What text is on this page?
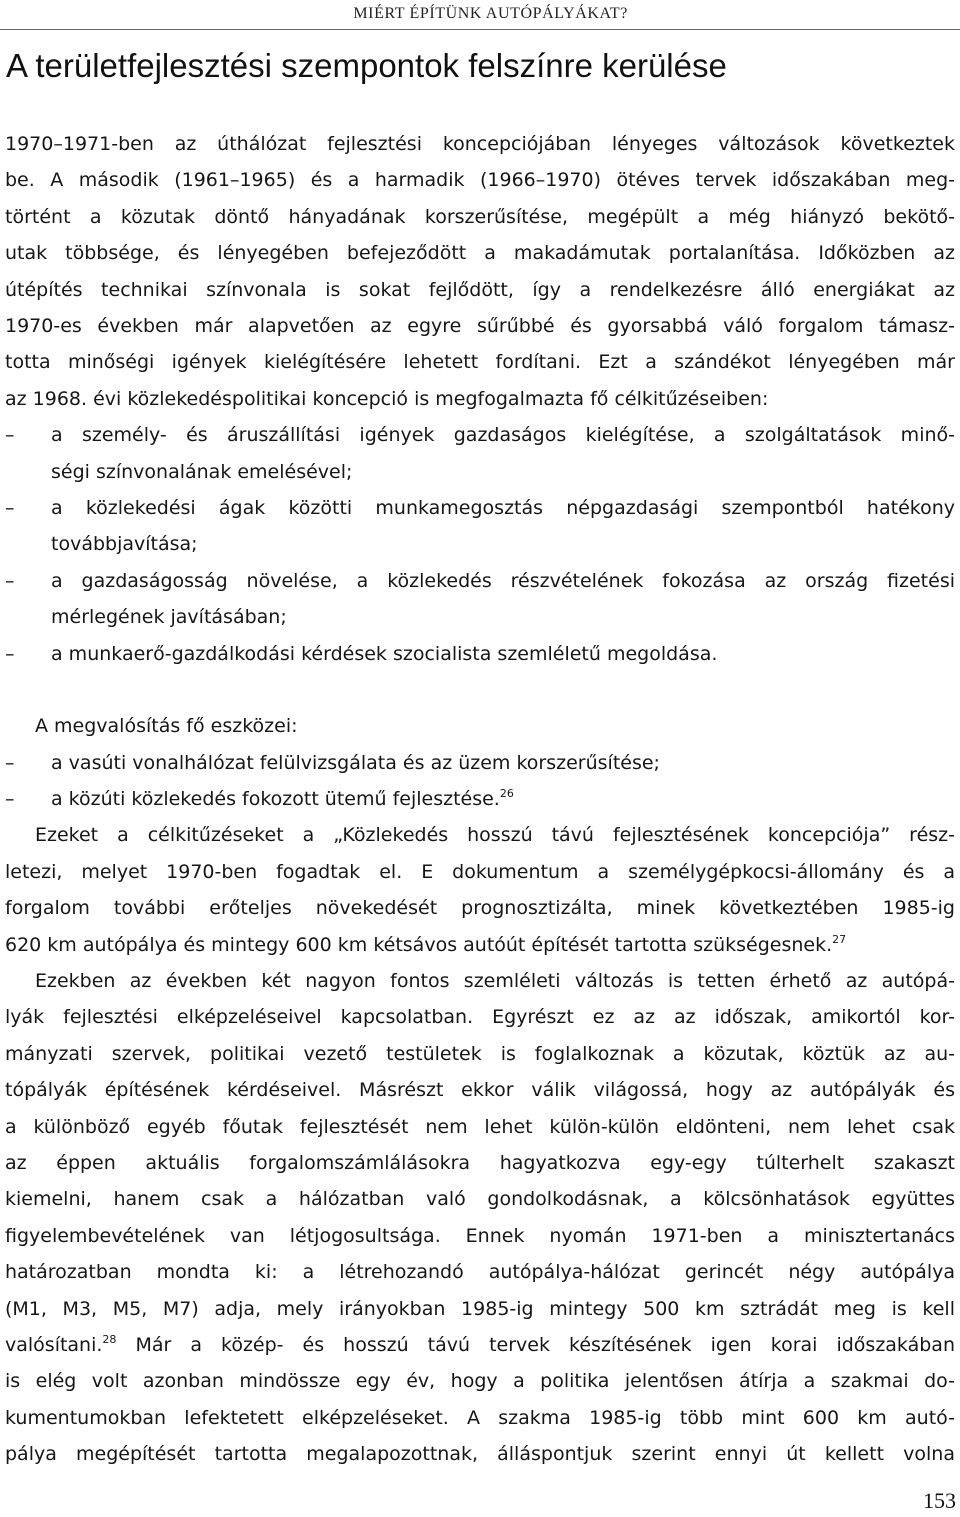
MIÉRT ÉPÍTÜNK AUTÓPÁLYÁKAT?
A területfejlesztési szempontok felszínre kerülése

1970–1971-ben az úthálózat fejlesztési koncepciójában lényeges változások következtek

be. A második (1961–1965) és a harmadik (1966–1970) ötéves tervek időszakában meg-

történt a közutak döntő hányadának korszerűsítése, megépült a még hiányzó bekötő-

utak többsége, és lényegében befejeződött a makadámutak portalanítása. Időközben az

útépítés technikai színvonala is sokat fejlődött, így a rendelkezésre álló energiákat az

1970-es években már alapvetően az egyre sűrűbbé és gyorsabbá váló forgalom támasz-

totta minőségi igények kielégítésére lehetett fordítani. Ezt a szándékot lényegében már

az 1968. évi közlekedéspolitikai koncepció is megfogalmazta fő célkitűzéseiben:

– a személy- és áruszállítási igények gazdaságos kielégítése, a szolgáltatások minő-

ségi színvonalának emelésével;

– a közlekedési ágak közötti munkamegosztás népgazdasági szempontból hatékony

továbbjavítása;

– a gazdaságosság növelése, a közlekedés részvételének fokozása az ország fizetési

mérlegének javításában;

– a munkaerő-gazdálkodási kérdések szocialista szemléletű megoldása.

A megvalósítás fő eszközei:

– a vasúti vonalhálózat felülvizsgálata és az üzem korszerűsítése;

– a közúti közlekedés fokozott ütemű fejlesztése.$^{26}$

Ezeket a célkitűzéseket a „Közlekedés hosszú távú fejlesztésének koncepciója” rész-

letezi, melyet 1970-ben fogadtak el. E dokumentum a személygépkocsi-állomány és a

forgalom további erőteljes növekedését prognosztizálta, minek következtében 1985-ig

620 km autópálya és mintegy 600 km kétsávos autóút építését tartotta szükségesnek.$^{27}$

Ezekben az években két nagyon fontos szemléleti változás is tetten érhető az autópá-

lyák fejlesztési elképzeléseivel kapcsolatban. Egyrészt ez az az időszak, amikortól kor-

mányzati szervek, politikai vezető testületek is foglalkoznak a közutak, köztük az au-

tópályák építésének kérdéseivel. Másrészt ekkor válik világossá, hogy az autópályák és

a különböző egyéb főutak fejlesztését nem lehet külön-külön eldönteni, nem lehet csak

az éppen aktuális forgalomszámlálásokra hagyatkozva egy-egy túlterhelt szakaszt

kiemelni, hanem csak a hálózatban való gondolkodásnak, a kölcsönhatások együttes

figyelembevételének van létjogosultsága. Ennek nyomán 1971-ben a minisztertanács

határozatban mondta ki: a létrehozandó autópálya-hálózat gerincét négy autópálya

(M1, M3, M5, M7) adja, mely irányokban 1985-ig mintegy 500 km sztrádát meg is kell

valósítani.$^{28}$ Már a közép- és hosszú távú tervek készítésének igen korai időszakában

is elég volt azonban mindössze egy év, hogy a politika jelentősen átírja a szakmai do-

kumentumokban lefektetett elképzeléseket. A szakma 1985-ig több mint 600 km autó-

pálya megépítését tartotta megalapozottnak, álláspontjuk szerint ennyi út kellett volna

153
